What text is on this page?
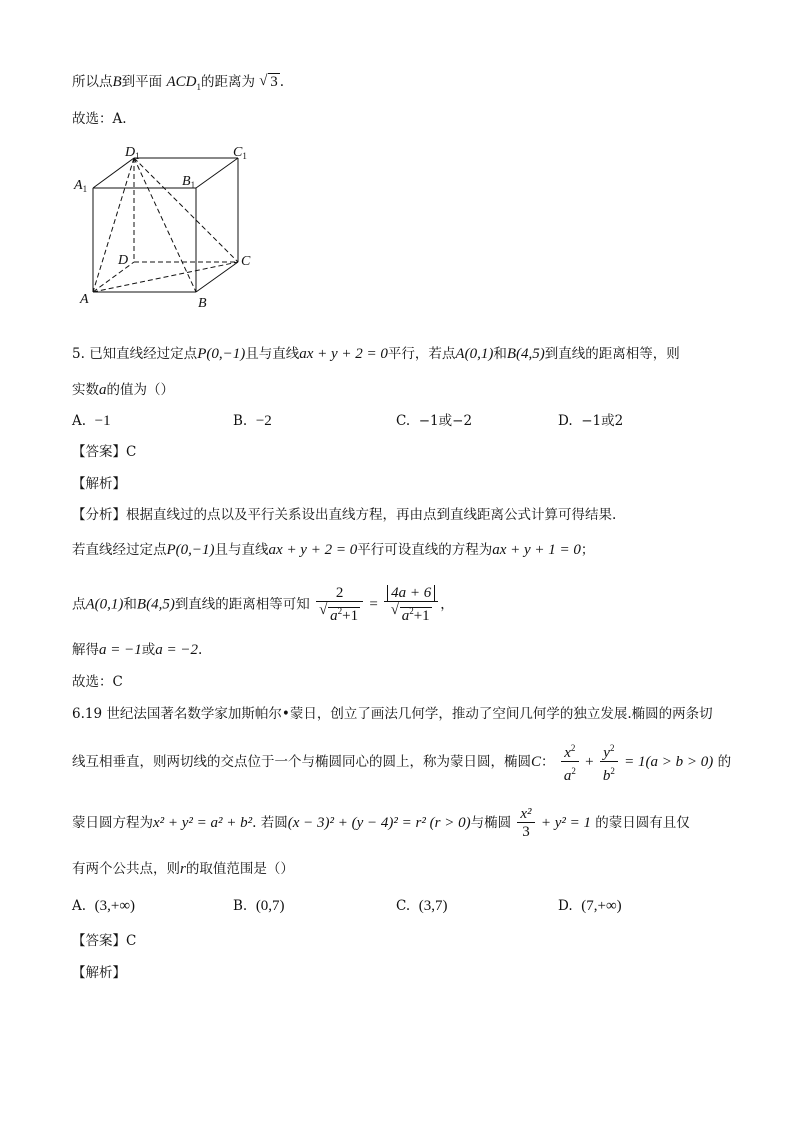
所以点B到平面 $ACD_1$的距离为 √ 3 .
故选：A.
$D_1$	$C_1$
$A_1$	$B_1$
D	C
A	B
5. 已知直线经过定点P(0,−1)且与直线ax + y + 2 = 0平行，若点A(0,1)和B(4,5)到直线的距离相等，则
实数a的值为（）
A. −1	B. −2	C. −1或−2	D. −1或2
【答案】C
【解析】
【分析】根据直线过的点以及平行关系设出直线方程，再由点到直线距离公式计算可得结果.
若直线经过定点P(0,−1)且与直线ax + y + 2 = 0平行可设直线的方程为ax + y + 1 = 0；
点A(0,1)和B(4,5)到直线的距离相等可知 2
√ $a^2+1 = 4a + 6$
√ $a^2+1$ ，
解得a = −1或a = −2.
故选：C
6.19 世纪法国著名数学家加斯帕尔•蒙日，创立了画法几何学，推动了空间几何学的独立发展.椭圆的两条切
线互相垂直，则两切线的交点位于一个与椭圆同心的圆上，称为蒙日圆，椭圆C： $\frac{x^2}{a^2} + \frac{y^2}{b^2} = 1(a > b > 0)$ 的
蒙日圆方程为x² + y² = a² + b². 若圆(x − 3)² + (y − 4)² = r² (r > 0)与椭圆 $\frac{\text{x²}}{3} + y^2 = 1$ 的蒙日圆有且仅
有两个公共点，则r的取值范围是（）
A. (3,+∞)	B. (0,7)	C. (3,7)	D. (7,+∞)
【答案】C
【解析】
